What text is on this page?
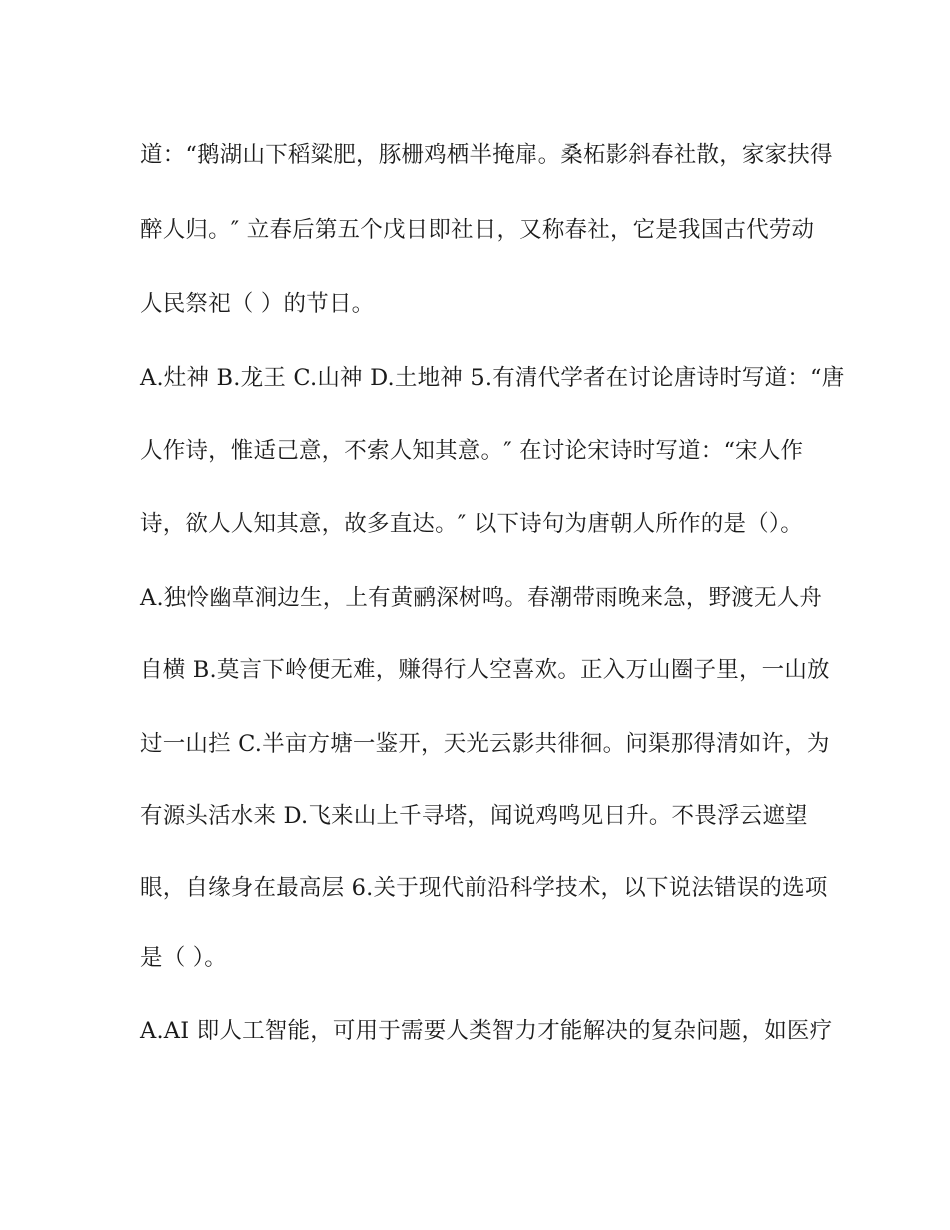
道：“鹅湖山下稻粱肥，豚栅鸡栖半掩扉。桑柘影斜春社散，家家扶得
醉人归。″ 立春后第五个戊日即社日，又称春社，它是我国古代劳动
人民祭祀（ ）的节日。
A.灶神 B.龙王 C.山神 D.土地神 5.有清代学者在讨论唐诗时写道：“唐
人作诗，惟适己意，不索人知其意。″ 在讨论宋诗时写道：“宋人作
诗，欲人人知其意，故多直达。″ 以下诗句为唐朝人所作的是（）。
A.独怜幽草涧边生，上有黄鹂深树鸣。春潮带雨晚来急，野渡无人舟
自横 B.莫言下岭便无难，赚得行人空喜欢。正入万山圈子里，一山放
过一山拦 C.半亩方塘一鉴开，天光云影共徘徊。问渠那得清如许，为
有源头活水来 D.飞来山上千寻塔，闻说鸡鸣见日升。不畏浮云遮望
眼，自缘身在最高层 6.关于现代前沿科学技术，以下说法错误的选项
是（ ）。
A.AI 即人工智能，可用于需要人类智力才能解决的复杂问题，如医疗
